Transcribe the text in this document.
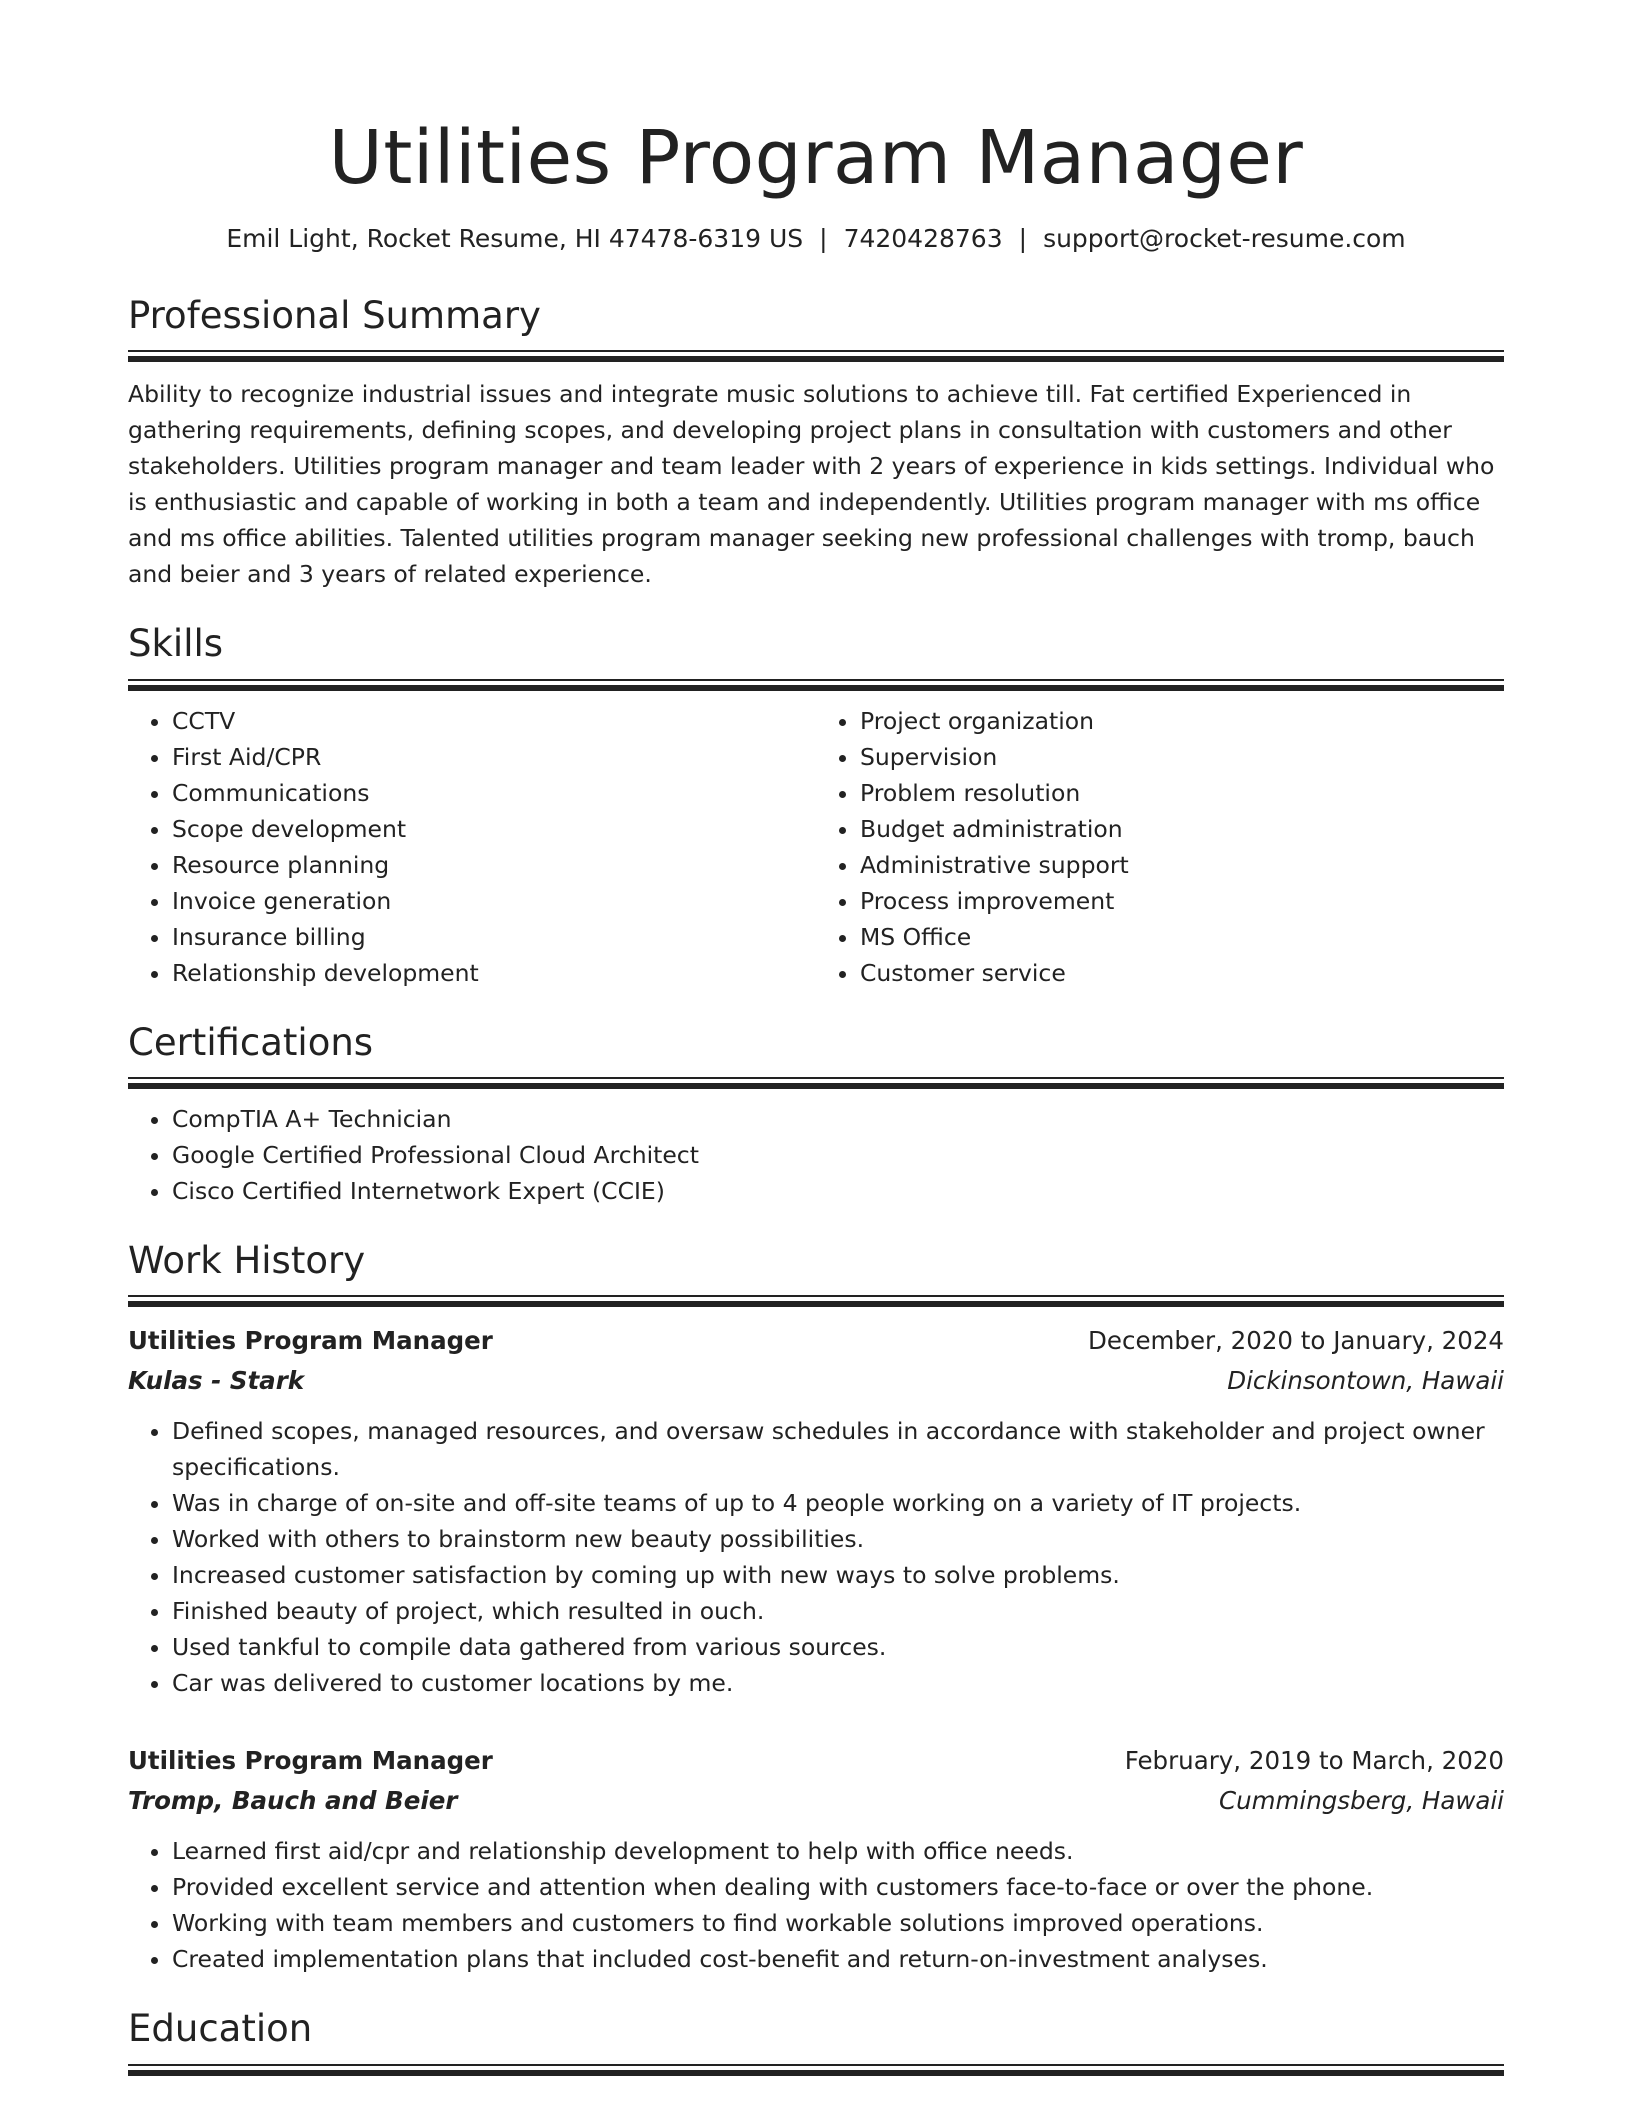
Utilities Program Manager
Emil Light, Rocket Resume, HI 47478-6319 US | 7420428763 | support@rocket-resume.com
Professional Summary
Ability to recognize industrial issues and integrate music solutions to achieve till. Fat certified Experienced in gathering requirements, defining scopes, and developing project plans in consultation with customers and other stakeholders. Utilities program manager and team leader with 2 years of experience in kids settings. Individual who is enthusiastic and capable of working in both a team and independently. Utilities program manager with ms office and ms office abilities. Talented utilities program manager seeking new professional challenges with tromp, bauch and beier and 3 years of related experience.
Skills
• CCTV
• First Aid/CPR
• Communications
• Scope development
• Resource planning
• Invoice generation
• Insurance billing
• Relationship development
• Project organization
• Supervision
• Problem resolution
• Budget administration
• Administrative support
• Process improvement
• MS Office
• Customer service
Certifications
• CompTIA A+ Technician
• Google Certified Professional Cloud Architect
• Cisco Certified Internetwork Expert (CCIE)
Work History
Utilities Program Manager	December, 2020 to January, 2024
Kulas - Stark	Dickinsontown, Hawaii
• Defined scopes, managed resources, and oversaw schedules in accordance with stakeholder and project owner specifications.
• Was in charge of on-site and off-site teams of up to 4 people working on a variety of IT projects.
• Worked with others to brainstorm new beauty possibilities.
• Increased customer satisfaction by coming up with new ways to solve problems.
• Finished beauty of project, which resulted in ouch.
• Used tankful to compile data gathered from various sources.
• Car was delivered to customer locations by me.
Utilities Program Manager	February, 2019 to March, 2020
Tromp, Bauch and Beier	Cummingsberg, Hawaii
• Learned first aid/cpr and relationship development to help with office needs.
• Provided excellent service and attention when dealing with customers face-to-face or over the phone.
• Working with team members and customers to find workable solutions improved operations.
• Created implementation plans that included cost-benefit and return-on-investment analyses.
Education
